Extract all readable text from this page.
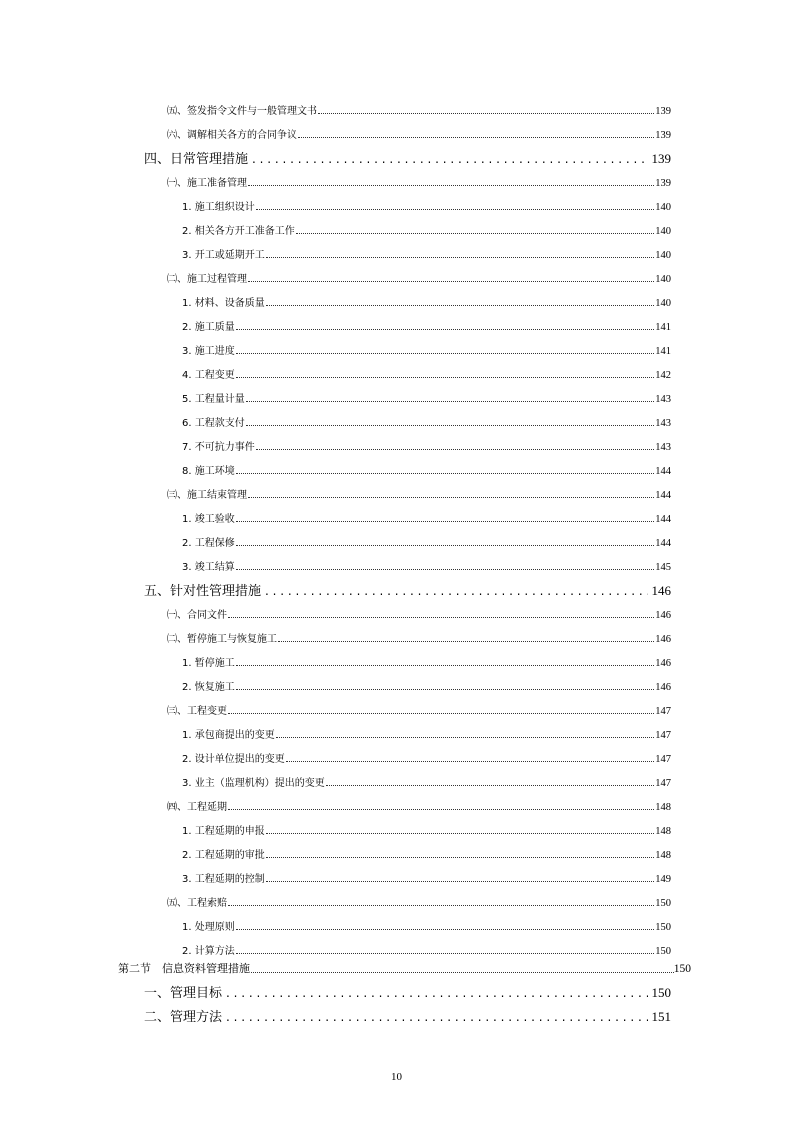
㈤、签发指令文件与一般管理文书	139
㈥、调解相关各方的合同争议	139
四、日常管理措施 . . .	139
㈠、施工准备管理	139
1. 施工组织设计	140
2. 相关各方开工准备工作	140
3. 开工或延期开工	140
㈡、施工过程管理	140
1. 材料、设备质量	140
2. 施工质量	141
3. 施工进度	141
4. 工程变更	142
5. 工程量计量	143
6. 工程款支付	143
7. 不可抗力事件	143
8. 施工环境	144
㈢、施工结束管理	144
1. 竣工验收	144
2. 工程保修	144
3. 竣工结算	145
五、针对性管理措施 . . .	146
㈠、合同文件	146
㈡、暂停施工与恢复施工	146
1. 暂停施工	146
2. 恢复施工	146
㈢、工程变更	147
1. 承包商提出的变更	147
2. 设计单位提出的变更	147
3. 业主（监理机构）提出的变更	147
㈣、工程延期	148
1. 工程延期的申报	148
2. 工程延期的审批	148
3. 工程延期的控制	149
㈤、工程索赔	150
1. 处理原则	150
2. 计算方法	150
第二节　信息资料管理措施	150
一、管理目标 . . .	150
二、管理方法 . . .	151
10
